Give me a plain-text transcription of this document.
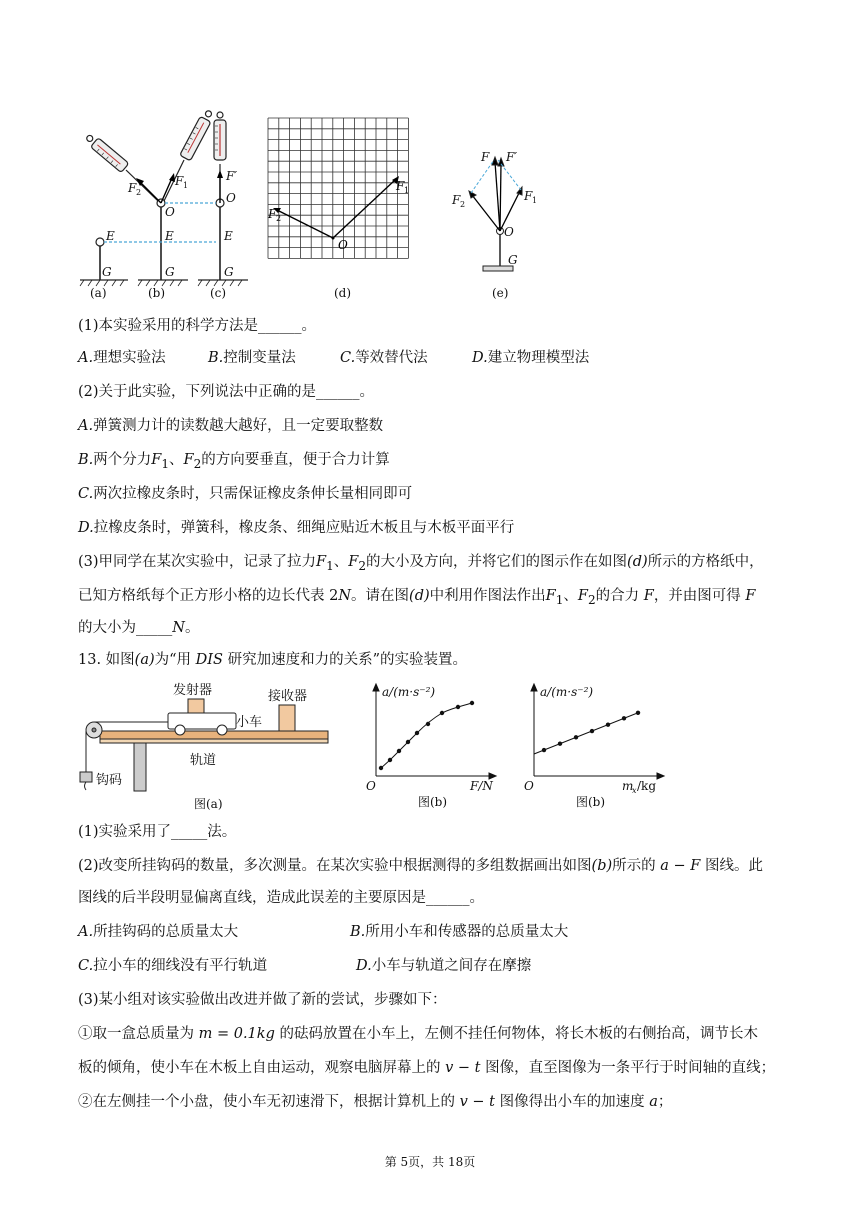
E
G
E
G
O
F 2
F 1
E
G
O
F′
O
F 2
F 1
F F′
F 2
F 1
O
G
(a)	(b)	(c)	(d)	(e)
(1)本实验采用的科学方法是______。
A.理想实验法	B.控制变量法	C.等效替代法	D.建立物理模型法
(2)关于此实验，下列说法中正确的是______。
A.弹簧测力计的读数越大越好，且一定要取整数
B.两个分力$F_1$、$F_2$的方向要垂直，便于合力计算
C.两次拉橡皮条时，只需保证橡皮条伸长量相同即可
D.拉橡皮条时，弹簧科，橡皮条、细绳应贴近木板且与木板平面平行
(3)甲同学在某次实验中，记录了拉力$F_1$、$F_2$的大小及方向，并将它们的图示作在如图(d)所示的方格纸中，
已知方格纸每个正方形小格的边长代表 2N。请在图(d)中利用作图法作出$F_1$、$F_2$的合力 F，并由图可得 F
的大小为_____N。
13. 如图(a)为“用 DIS 研究加速度和力的关系”的实验装置。
发射器	接收器
小车
轨道
钩码
图(a)
a/(m·s⁻²)
O	F/N
图(b)
a/(m·s⁻²)
O	m
x /kg
图(b)
(1)实验采用了_____法。
(2)改变所挂钩码的数量，多次测量。在某次实验中根据测得的多组数据画出如图(b)所示的 a − F 图线。此
图线的后半段明显偏离直线，造成此误差的主要原因是______。
A.所挂钩码的总质量太大	B.所用小车和传感器的总质量太大
C.拉小车的细线没有平行轨道	D.小车与轨道之间存在摩擦
(3)某小组对该实验做出改进并做了新的尝试，步骤如下：
①取一盒总质量为 m = 0.1kg 的砝码放置在小车上，左侧不挂任何物体，将长木板的右侧抬高，调节长木
板的倾角，使小车在木板上自由运动，观察电脑屏幕上的 v − t 图像，直至图像为一条平行于时间轴的直线；
②在左侧挂一个小盘，使小车无初速滑下，根据计算机上的 v − t 图像得出小车的加速度 a；
第 5页，共 18页
